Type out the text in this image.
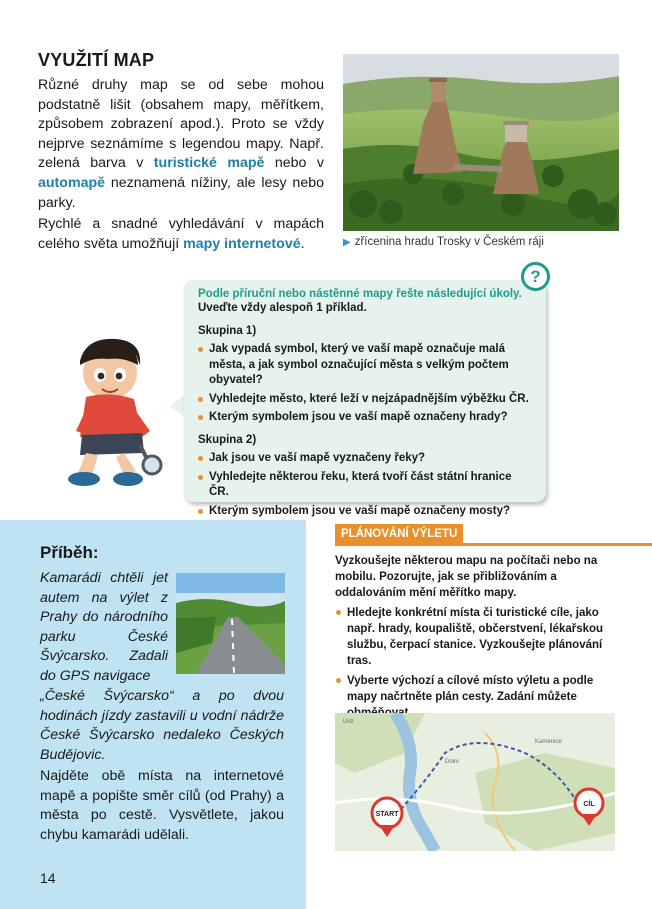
VYUŽITÍ MAP
Různé druhy map se od sebe mohou podstatně lišit (obsahem mapy, měřítkem, způsobem zobrazení apod.). Proto se vždy nejprve seznámíme s legendou mapy. Např. zelená barva v turistické mapě nebo v automapě neznamená nížiny, ale lesy nebo parky.
Rychlé a snadné vyhledávání v mapách celého světa umožňují mapy internetové.	▶ zřícenina hradu Trosky v Českém ráji
Podle příruční nebo nástěnné mapy řešte následující úkoly.
Uveďte vždy alespoň 1 příklad.
Skupina 1)
Jak vypadá symbol, který ve vaší mapě označuje malá města, a jak symbol označující města s velkým počtem obyvatel?
Vyhledejte město, které leží v nejzápadnějším výběžku ČR.
Kterým symbolem jsou ve vaší mapě označeny hrady?
Skupina 2)
Jak jsou ve vaší mapě vyznačeny řeky?
Vyhledejte některou řeku, která tvoří část státní hranice ČR.
Kterým symbolem jsou ve vaší mapě označeny mosty?
?
Příběh:
Kamarádi chtěli jet autem na výlet z Prahy do národního parku České Švýcarsko. Zadali do GPS navigace
„České Švýcarsko“ a po dvou hodinách jízdy zastavili u vodní nádrže České Švýcarsko nedaleko Českých Budějovic.
Najděte obě místa na internetové mapě a popište směr cílů (od Prahy) a města po cestě. Vysvětlete, jakou chybu kamarádi udělali.
14
PLÁNOVÁNÍ VÝLETU
Vyzkoušejte některou mapu na počítači nebo na mobilu. Pozorujte, jak se přibližováním a oddalováním mění měřítko mapy.
Hledejte konkrétní místa či turistické cíle, jako např. hrady, koupaliště, občerstvení, lékařskou službu, čerpací stanice. Vyzkoušejte plánování tras.
Vyberte výchozí a cílové místo výletu a podle mapy načrtněte plán cesty. Zadání můžete
Ústí
Dolní
Kamenice
START
CÍL
